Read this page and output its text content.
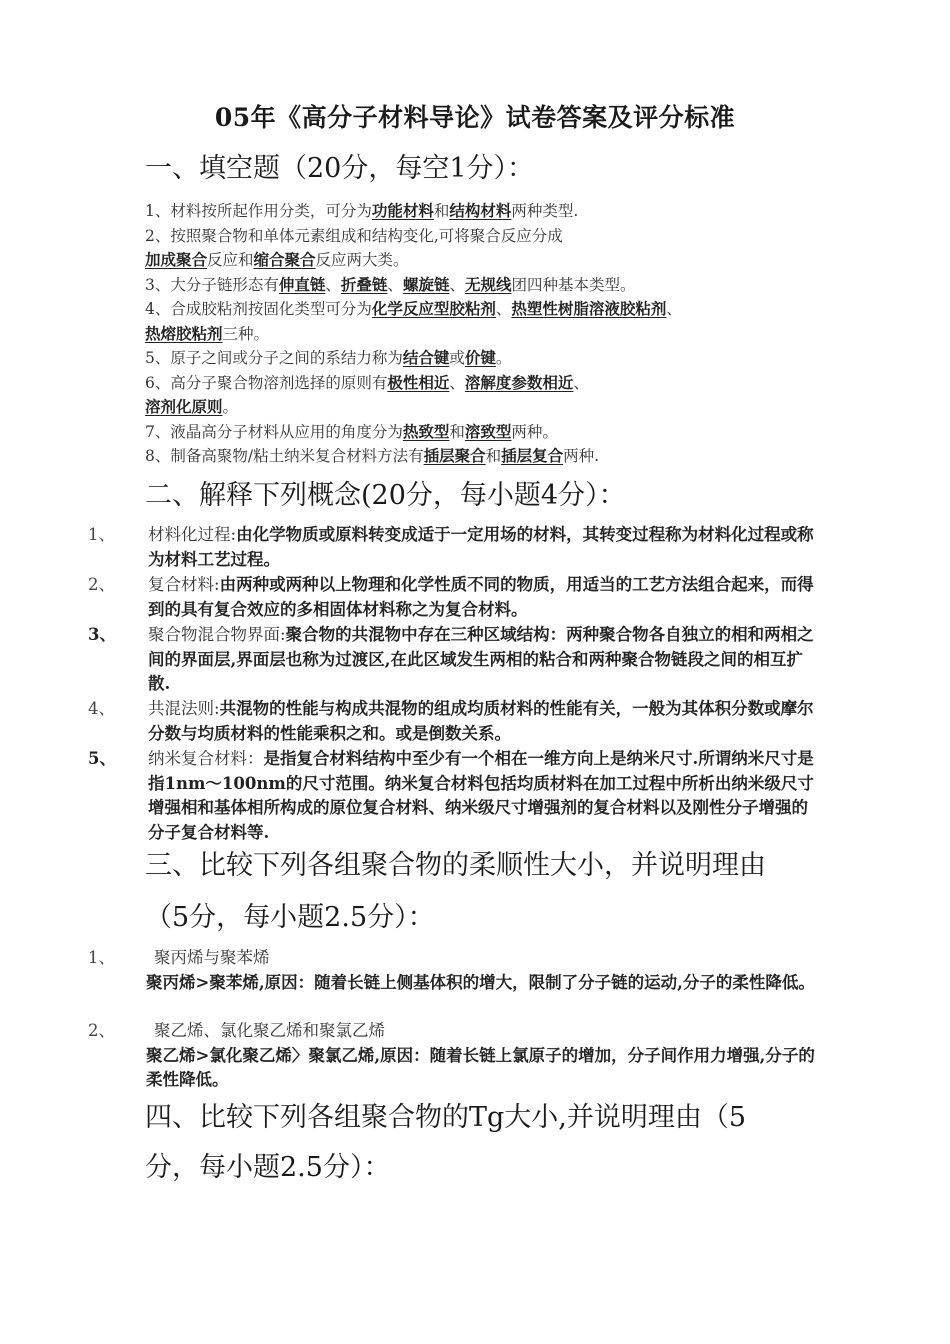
05年《高分子材料导论》试卷答案及评分标准
一、填空题（20分，每空1分）：

1、材料按所起作用分类，可分为功能材料和结构材料两种类型.

2、按照聚合物和单体元素组成和结构变化,可将聚合反应分成

加成聚合反应和缩合聚合反应两大类。

3、大分子链形态有伸直链、折叠链、螺旋链、无规线团四种基本类型。

4、合成胶粘剂按固化类型可分为化学反应型胶粘剂、热塑性树脂溶液胶粘剂、

热熔胶粘剂三种。

5、原子之间或分子之间的系结力称为结合键或价键。

6、高分子聚合物溶剂选择的原则有极性相近、溶解度参数相近、

溶剂化原则。

7、液晶高分子材料从应用的角度分为热致型和溶致型两种。

8、制备高聚物/粘土纳米复合材料方法有插层聚合和插层复合两种.

二、解释下列概念(20分，每小题4分）：
1、	材料化过程:由化学物质或原料转变成适于一定用场的材料，其转变过程称为材料化过程或称为材料工艺过程。
2、	复合材料:由两种或两种以上物理和化学性质不同的物质，用适当的工艺方法组合起来，而得到的具有复合效应的多相固体材料称之为复合材料。
3、	聚合物混合物界面:聚合物的共混物中存在三种区域结构：两种聚合物各自独立的相和两相之间的界面层,界面层也称为过渡区,在此区域发生两相的粘合和两种聚合物链段之间的相互扩散.
4、	共混法则:共混物的性能与构成共混物的组成均质材料的性能有关，一般为其体积分数或摩尔分数与均质材料的性能乘积之和。或是倒数关系。
5、	纳米复合材料：是指复合材料结构中至少有一个相在一维方向上是纳米尺寸.所谓纳米尺寸是指1nm～100nm的尺寸范围。纳米复合材料包括均质材料在加工过程中所析出纳米级尺寸增强相和基体相所构成的原位复合材料、纳米级尺寸增强剂的复合材料以及刚性分子增强的分子复合材料等.
三、比较下列各组聚合物的柔顺性大小，并说明理由
（5分，每小题2.5分）：
1、 聚丙烯与聚苯烯
聚丙烯>聚苯烯,原因：随着长链上侧基体积的增大，限制了分子链的运动,分子的柔性降低。
2、 聚乙烯、氯化聚乙烯和聚氯乙烯
聚乙烯>氯化聚乙烯〉聚氯乙烯,原因：随着长链上氯原子的增加，分子间作用力增强,分子的柔性降低。
四、比较下列各组聚合物的Tg大小,并说明理由（5
分，每小题2.5分）：
